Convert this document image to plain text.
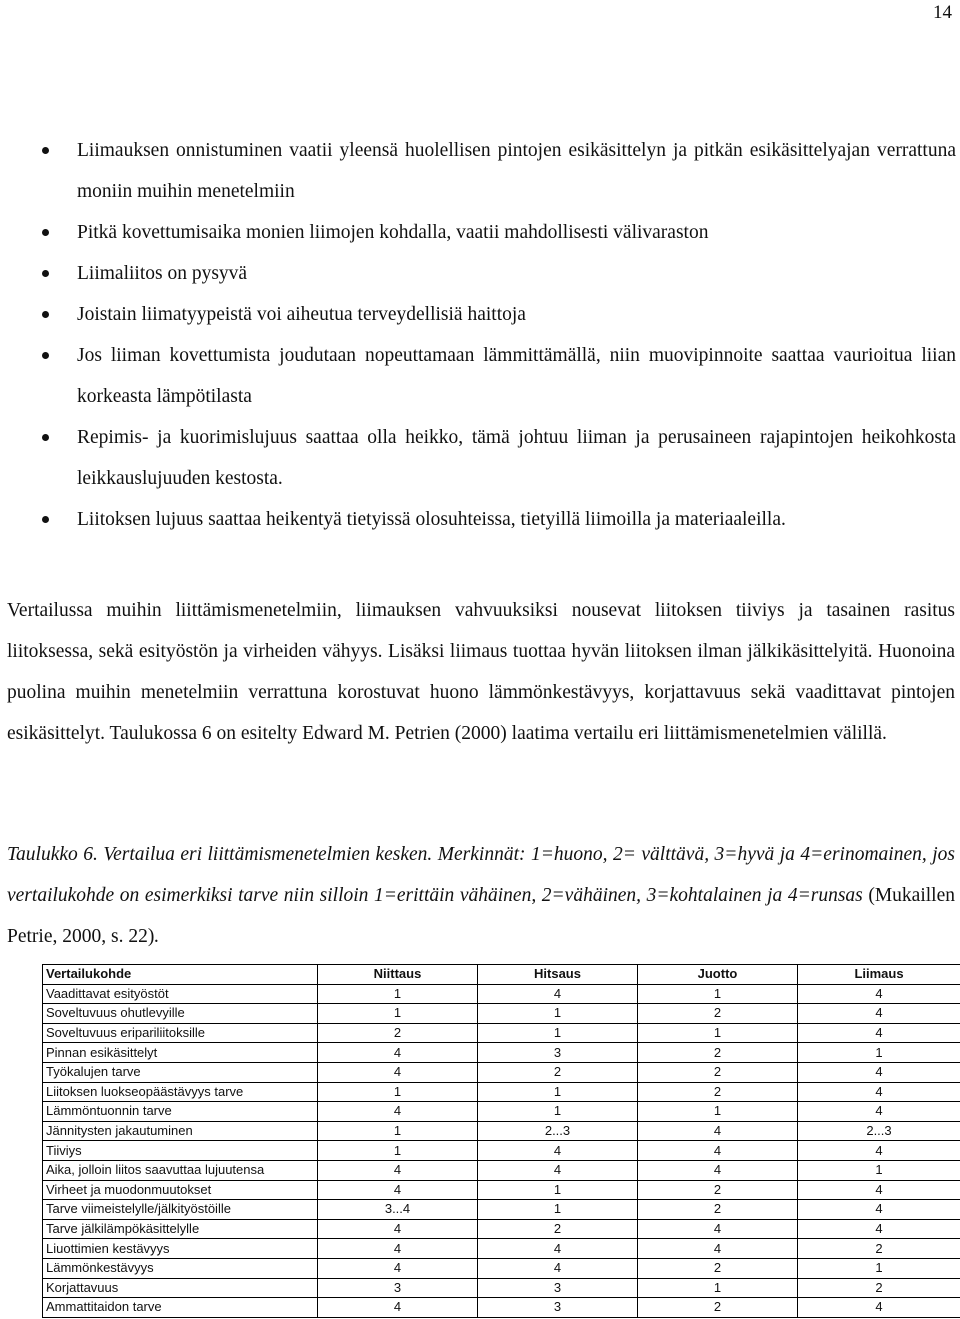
14
Liimauksen onnistuminen vaatii yleensä huolellisen pintojen esikäsittelyn ja pitkän esikäsittelyajan verrattuna moniin muihin menetelmiin
Pitkä kovettumisaika monien liimojen kohdalla, vaatii mahdollisesti välivaraston
Liimaliitos on pysyvä
Joistain liimatyypeistä voi aiheutua terveydellisiä haittoja
Jos liiman kovettumista joudutaan nopeuttamaan lämmittämällä, niin muovipinnoite saattaa vaurioitua liian korkeasta lämpötilasta
Repimis- ja kuorimislujuus saattaa olla heikko, tämä johtuu liiman ja perusaineen rajapintojen heikohkosta leikkauslujuuden kestosta.
Liitoksen lujuus saattaa heikentyä tietyissä olosuhteissa, tietyillä liimoilla ja materiaaleilla.

Vertailussa muihin liittämismenetelmiin, liimauksen vahvuuksiksi nousevat liitoksen tiiviys ja tasainen rasitus liitoksessa, sekä esityöstön ja virheiden vähyys. Lisäksi liimaus tuottaa hyvän liitoksen ilman jälkikäsittelyitä. Huonoina puolina muihin menetelmiin verrattuna korostuvat huono lämmönkestävyys, korjattavuus sekä vaadittavat pintojen esikäsittelyt. Taulukossa 6 on esitelty Edward M. Petrien (2000) laatima vertailu eri liittämismenetelmien välillä.

Taulukko 6. Vertailua eri liittämismenetelmien kesken. Merkinnät: 1=huono, 2= välttävä, 3=hyvä ja 4=erinomainen, jos vertailukohde on esimerkiksi tarve niin silloin 1=erittäin vähäinen, 2=vähäinen, 3=kohtalainen ja 4=runsas (Mukaillen Petrie, 2000, s. 22).

Vertailukohde	Niittaus	Hitsaus	Juotto	Liimaus
Vaadittavat esityöstöt	1	4	1	4
Soveltuvuus ohutlevyille	1	1	2	4
Soveltuvuus eripariliitoksille	2	1	1	4
Pinnan esikäsittelyt	4	3	2	1
Työkalujen tarve	4	2	2	4
Liitoksen luokseopäästävyys tarve	1	1	2	4
Lämmöntuonnin tarve	4	1	1	4
Jännitysten jakautuminen	1	2...3	4	2...3
Tiiviys	1	4	4	4
Aika, jolloin liitos saavuttaa lujuutensa	4	4	4	1
Virheet ja muodonmuutokset	4	1	2	4
Tarve viimeistelylle/jälkityöstöille	3...4	1	2	4
Tarve jälkilämpökäsittelylle	4	2	4	4
Liuottimien kestävyys	4	4	4	2
Lämmönkestävyys	4	4	2	1
Korjattavuus	3	3	1	2
Ammattitaidon tarve	4	3	2	4
